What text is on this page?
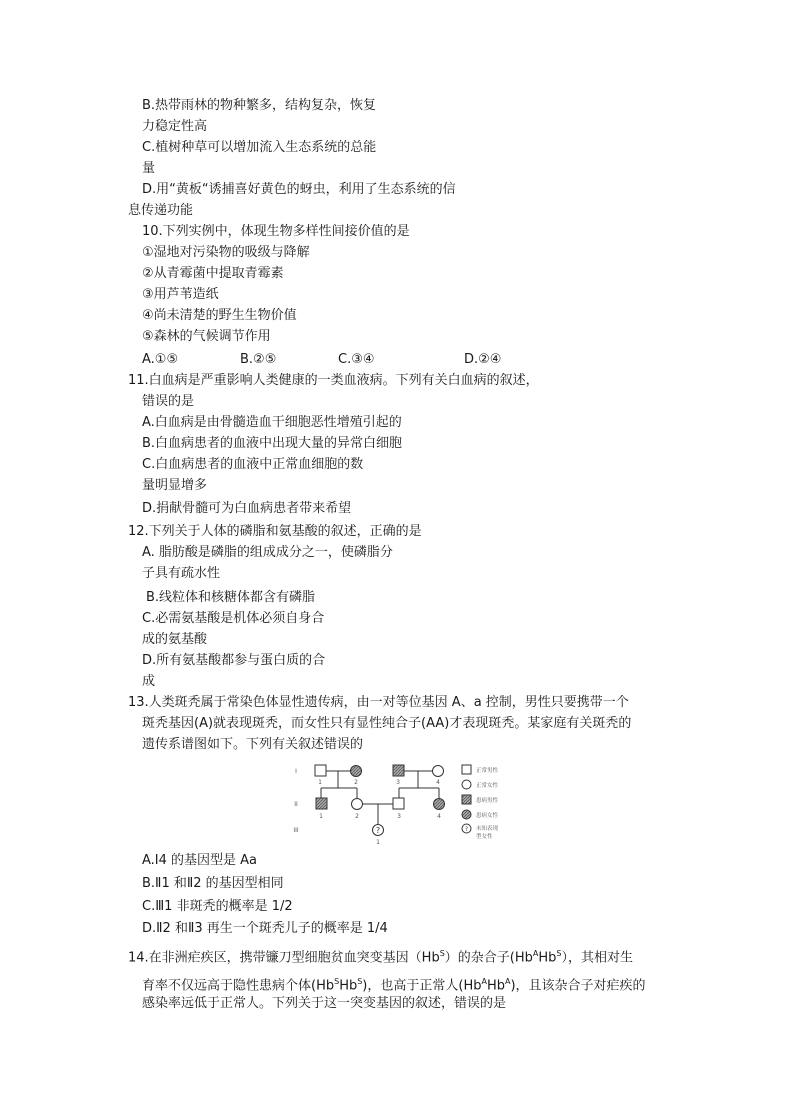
B.热带雨林的物种繁多，结构复杂，恢复
力稳定性高
C.植树种草可以增加流入生态系统的总能
量
D.用“黄板“诱捕喜好黄色的蚜虫，利用了生态系统的信
息传递功能
10.下列实例中，体现生物多样性间接价值的是
①湿地对污染物的吸级与降解
②从青霉菌中提取青霉素
③用芦苇造纸
④尚未清楚的野生生物价值
⑤森林的气候调节作用
A.①⑤	B.②⑤	C.③④	D.②④
11.白血病是严重影响人类健康的一类血液病。下列有关白血病的叙述，
错误的是
A.白血病是由骨髓造血干细胞恶性增殖引起的
B.白血病患者的血液中出现大量的异常白细胞
C.白血病患者的血液中正常血细胞的数
量明显增多
D.捐献骨髓可为白血病患者带来希望
12.下列关于人体的磷脂和氨基酸的叙述，正确的是
A. 脂肪酸是磷脂的组成成分之一，使磷脂分
子具有疏水性
B.线粒体和核糖体都含有磷脂
C.必需氨基酸是机体必须自身合
成的氨基酸
D.所有氨基酸都参与蛋白质的合
成
13.人类斑秃属于常染色体显性遗传病，由一对等位基因 A、a 控制，男性只要携带一个
斑秃基因(A)就表现斑秃，而女性只有显性纯合子(AA)才表现斑秃。某家庭有关斑秃的
遗传系谱图如下。下列有关叙述错误的
?
I
II
III
1	2	3	4
1	2	3	4
1
?
正常男性
正常女性
患病男性
患病女性
未知表现
型女性
A.Ⅰ4 的基因型是 Aa
B.Ⅱ1 和Ⅱ2 的基因型相同
C.Ⅲ1 非斑秃的概率是 1/2
D.Ⅱ2 和Ⅱ3 再生一个斑秃儿子的概率是 1/4
14.在非洲疟疾区，携带镰刀型细胞贫血突变基因$(Hb^S)$的杂合子$(Hb^AHb^S)$，其相对生
育率不仅远高于隐性患病个体$(Hb^SHb^S)$，也高于正常人$(Hb^AHb^A)$，且该杂合子对疟疾的
感染率远低于正常人。下列关于这一突变基因的叙述，错误的是
